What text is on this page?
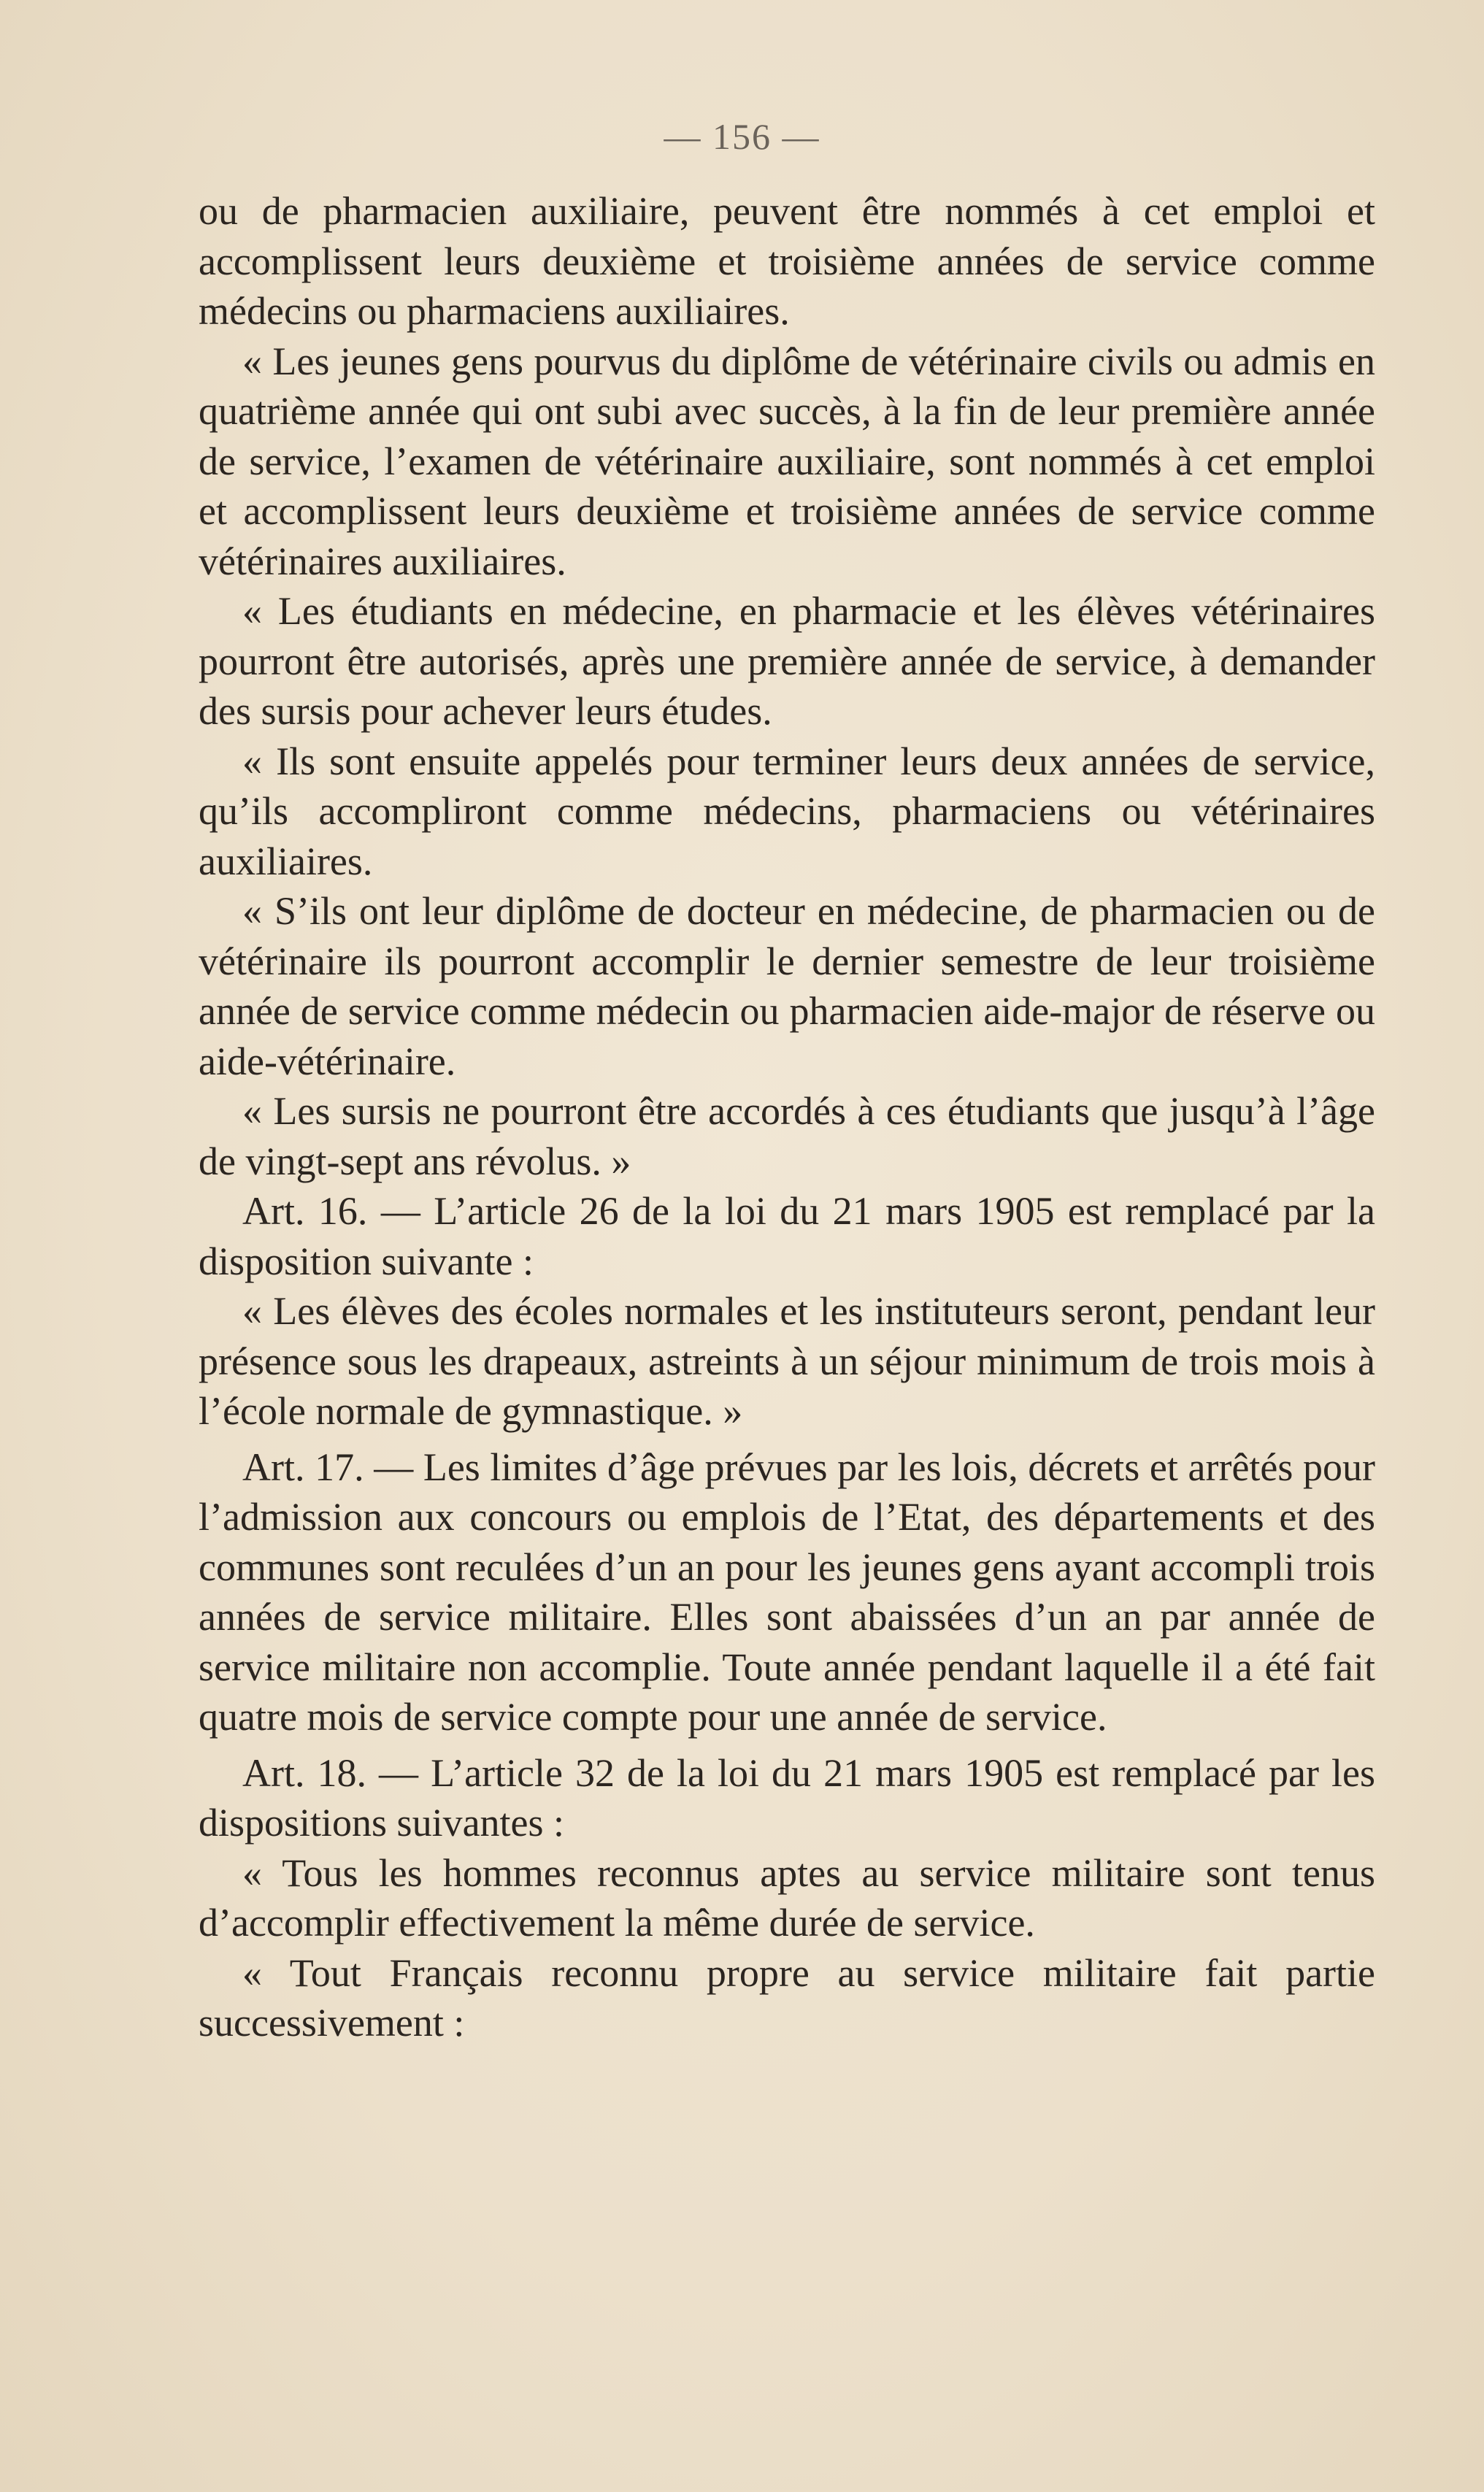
— 156 —

ou de pharmacien auxiliaire, peuvent être nommés à cet emploi et accomplissent leurs deuxième et troisième années de service comme médecins ou pharmaciens auxiliaires.

« Les jeunes gens pourvus du diplôme de vétérinaire civils ou admis en quatrième année qui ont subi avec succès, à la fin de leur première année de service, l’examen de vétérinaire auxiliaire, sont nommés à cet emploi et accomplissent leurs deuxième et troisième années de service comme vétérinaires auxiliaires.

« Les étudiants en médecine, en pharmacie et les élèves vétérinaires pourront être autorisés, après une première année de service, à demander des sursis pour achever leurs études.

« Ils sont ensuite appelés pour terminer leurs deux années de service, qu’ils accompliront comme médecins, pharmaciens ou vétérinaires auxiliaires.

« S’ils ont leur diplôme de docteur en médecine, de pharmacien ou de vétérinaire ils pourront accomplir le dernier semestre de leur troisième année de service comme médecin ou pharmacien aide-major de réserve ou aide-vétérinaire.

« Les sursis ne pourront être accordés à ces étudiants que jusqu’à l’âge de vingt-sept ans révolus. »

Art. 16. — L’article 26 de la loi du 21 mars 1905 est remplacé par la disposition suivante :

« Les élèves des écoles normales et les instituteurs seront, pendant leur présence sous les drapeaux, astreints à un séjour minimum de trois mois à l’école normale de gymnastique. »

Art. 17. — Les limites d’âge prévues par les lois, décrets et arrêtés pour l’admission aux concours ou emplois de l’Etat, des départements et des communes sont reculées d’un an pour les jeunes gens ayant accompli trois années de service militaire. Elles sont abaissées d’un an par année de service militaire non accomplie. Toute année pendant laquelle il a été fait quatre mois de service compte pour une année de service.

Art. 18. — L’article 32 de la loi du 21 mars 1905 est remplacé par les dispositions suivantes :

« Tous les hommes reconnus aptes au service militaire sont tenus d’accomplir effectivement la même durée de service.

« Tout Français reconnu propre au service militaire fait partie successivement :
